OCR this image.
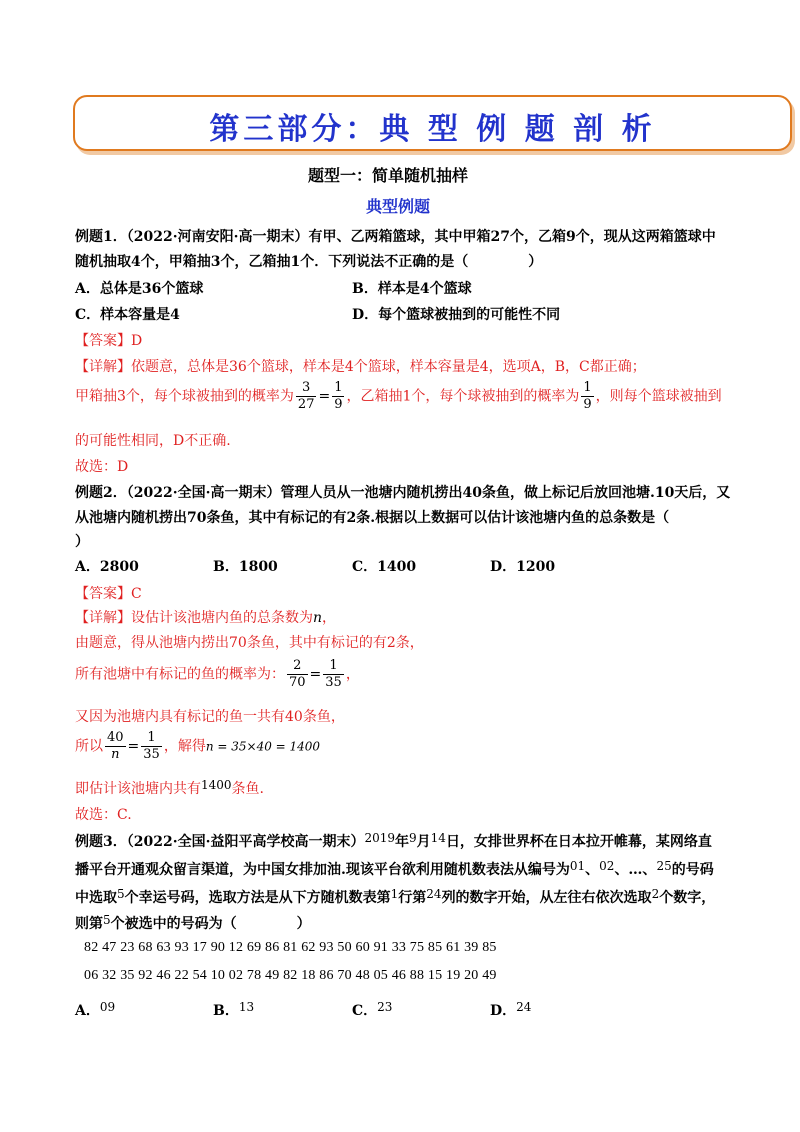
第三部分：典 型 例 题 剖 析
题型一：简单随机抽样
典型例题
例题1．（2022·河南安阳·高一期末）有甲、乙两箱篮球，其中甲箱27个，乙箱9个，现从这两箱篮球中
随机抽取4个，甲箱抽3个，乙箱抽1个．下列说法不正确的是（	）
A．总体是36个篮球	B．样本是4个篮球
C．样本容量是4	D．每个篮球被抽到的可能性不同
【答案】D
【详解】依题意，总体是36个篮球，样本是4个篮球，样本容量是4，选项A，B，C都正确；
甲箱抽3个，每个球被抽到的概率为 $\frac{3}{27} = \frac{1}{9}$ ，乙箱抽1个，每个球被抽到的概率为 $\frac{1}{9}$ ，则每个篮球被抽到
的可能性相同，D不正确.
故选：D
例题2．（2022·全国·高一期末）管理人员从一池塘内随机捞出40条鱼，做上标记后放回池塘.10天后，又
从池塘内随机捞出70条鱼，其中有标记的有2条.根据以上数据可以估计该池塘内鱼的总条数是（
）
A．2800	B．1800	C．1400	D．1200
【答案】C
【详解】设估计该池塘内鱼的总条数为n，
由题意，得从池塘内捞出70条鱼，其中有标记的有2条，
所有池塘中有标记的鱼的概率为： $\frac{2}{70} = \frac{1}{35}$ ，
又因为池塘内具有标记的鱼一共有40条鱼，
所以 $\frac{40}{n} = \frac{1}{35}$ ，解得n = 35×40 = 1400
即估计该池塘内共有1400条鱼.
故选：C.
例题3．（2022·全国·益阳平高学校高一期末）2019年9月14日，女排世界杯在日本拉开帷幕，某网络直
播平台开通观众留言渠道，为中国女排加油.现该平台欲利用随机数表法从编号为01、02、…、25的号码
中选取5个幸运号码，选取方法是从下方随机数表第1行第24列的数字开始，从左往右依次选取2个数字，
则第5个被选中的号码为（	）
82 47 23 68 63 93 17 90 12 69 86 81 62 93 50 60 91 33 75 85 61 39 85
06 32 35 92 46 22 54 10 02 78 49 82 18 86 70 48 05 46 88 15 19 20 49
A．09	B．13	C．23	D．24
